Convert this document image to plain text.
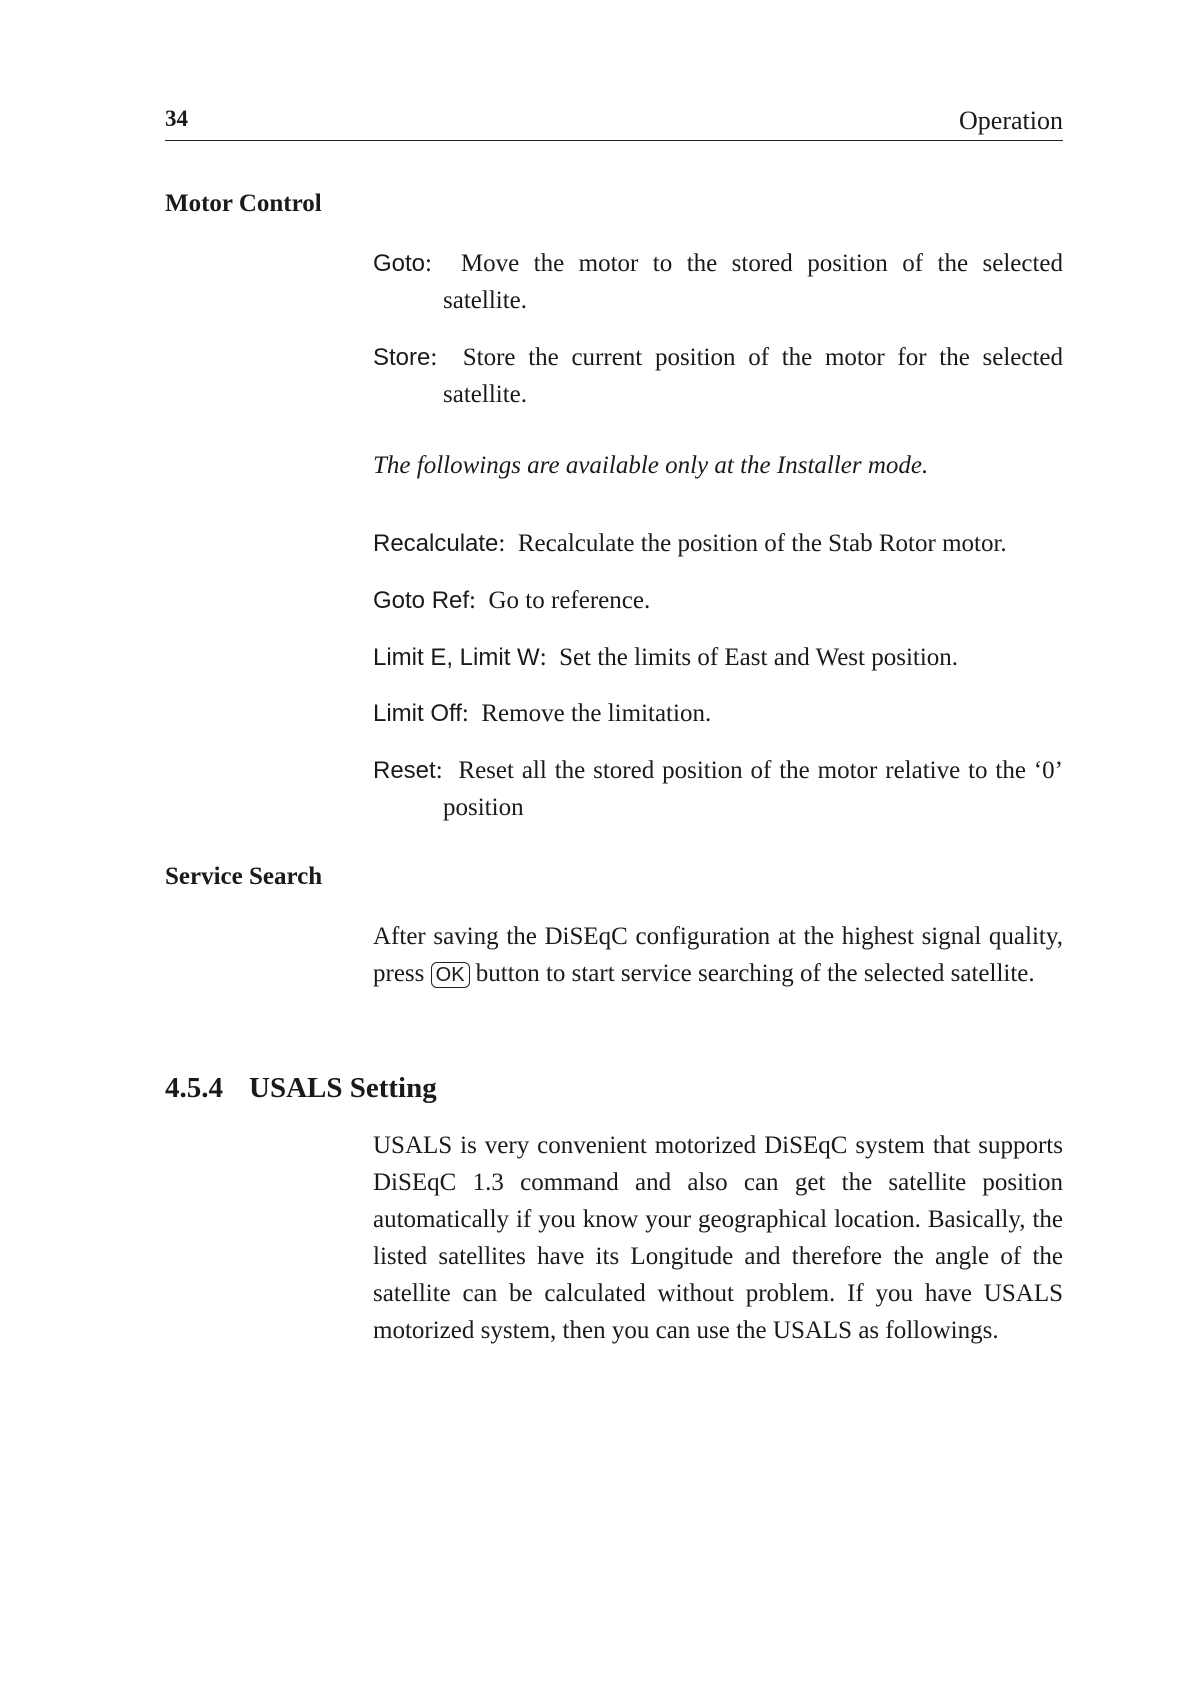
34	Operation
Motor Control
Goto:  Move the motor to the stored position of the selected satellite.
Store:  Store the current position of the motor for the selected satellite.
The followings are available only at the Installer mode.
Recalculate:  Recalculate the position of the Stab Rotor motor.
Goto Ref:  Go to reference.
Limit E, Limit W:  Set the limits of East and West position.
Limit Off:  Remove the limitation.
Reset:  Reset all the stored position of the motor relative to the ‘0’ position
Service Search
After saving the DiSEqC configuration at the highest signal quality, press OK button to start service searching of the selected satellite.
4.5.4 USALS Setting
USALS is very convenient motorized DiSEqC system that supports DiSEqC 1.3 command and also can get the satellite position automatically if you know your geographical location. Basically, the listed satellites have its Longitude and therefore the angle of the satellite can be calculated without problem. If you have USALS motorized system, then you can use the USALS as followings.
